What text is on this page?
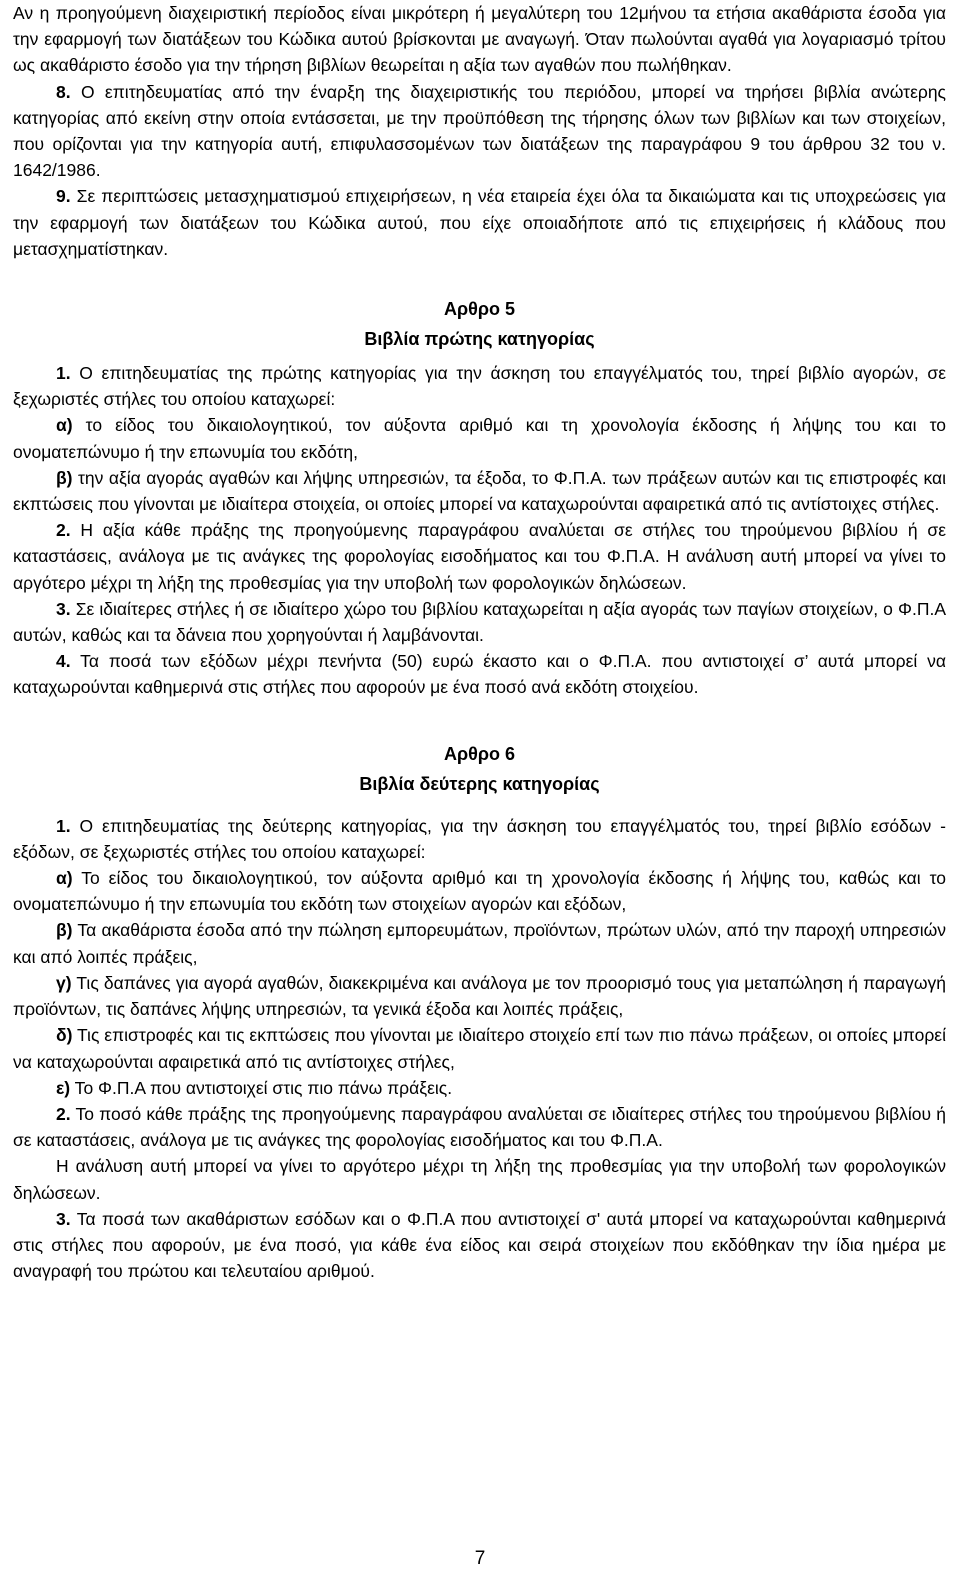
Αν η προηγούμενη διαχειριστική περίοδος είναι μικρότερη ή μεγαλύτερη του 12μήνου τα ετήσια ακαθάριστα έσοδα για την εφαρμογή των διατάξεων του Κώδικα αυτού βρίσκονται με αναγωγή. Όταν πωλούνται αγαθά για λογαριασμό τρίτου ως ακαθάριστο έσοδο για την τήρηση βιβλίων θεωρείται η αξία των αγαθών που πωλήθηκαν.

8. Ο επιτηδευματίας από την έναρξη της διαχειριστικής του περιόδου, μπορεί να τηρήσει βιβλία ανώτερης κατηγορίας από εκείνη στην οποία εντάσσεται, με την προϋπόθεση της τήρησης όλων των βιβλίων και των στοιχείων, που ορίζονται για την κατηγορία αυτή, επιφυλασσομένων των διατάξεων της παραγράφου 9 του άρθρου 32 του ν. 1642/1986.

9. Σε περιπτώσεις μετασχηματισμού επιχειρήσεων, η νέα εταιρεία έχει όλα τα δικαιώματα και τις υποχρεώσεις για την εφαρμογή των διατάξεων του Κώδικα αυτού, που είχε οποιαδήποτε από τις επιχειρήσεις ή κλάδους που μετασχηματίστηκαν.

Αρθρο 5

Βιβλία πρώτης κατηγορίας

1. Ο επιτηδευματίας της πρώτης κατηγορίας για την άσκηση του επαγγέλματός του, τηρεί βιβλίο αγορών, σε ξεχωριστές στήλες του οποίου καταχωρεί:

α) το είδος του δικαιολογητικού, τον αύξοντα αριθμό και τη χρονολογία έκδοσης ή λήψης του και το ονοματεπώνυμο ή την επωνυμία του εκδότη,

β) την αξία αγοράς αγαθών και λήψης υπηρεσιών, τα έξοδα, το Φ.Π.Α. των πράξεων αυτών και τις επιστροφές και εκπτώσεις που γίνονται με ιδιαίτερα στοιχεία, οι οποίες μπορεί να καταχωρούνται αφαιρετικά από τις αντίστοιχες στήλες.

2. Η αξία κάθε πράξης της προηγούμενης παραγράφου αναλύεται σε στήλες του τηρούμενου βιβλίου ή σε καταστάσεις, ανάλογα με τις ανάγκες της φορολογίας εισοδήματος και του Φ.Π.Α. Η ανάλυση αυτή μπορεί να γίνει το αργότερο μέχρι τη λήξη της προθεσμίας για την υποβολή των φορολογικών δηλώσεων.

3. Σε ιδιαίτερες στήλες ή σε ιδιαίτερο χώρο του βιβλίου καταχωρείται η αξία αγοράς των παγίων στοιχείων, ο Φ.Π.Α αυτών, καθώς και τα δάνεια που χορηγούνται ή λαμβάνονται.

4. Τα ποσά των εξόδων μέχρι πενήντα (50) ευρώ έκαστο και ο Φ.Π.Α. που αντιστοιχεί σ’ αυτά μπορεί να καταχωρούνται καθημερινά στις στήλες που αφορούν με ένα ποσό ανά εκδότη στοιχείου.

Αρθρο 6

Βιβλία δεύτερης κατηγορίας

1. Ο επιτηδευματίας της δεύτερης κατηγορίας, για την άσκηση του επαγγέλματός του, τηρεί βιβλίο εσόδων - εξόδων, σε ξεχωριστές στήλες του οποίου καταχωρεί:

α) Το είδος του δικαιολογητικού, τον αύξοντα αριθμό και τη χρονολογία έκδοσης ή λήψης του, καθώς και το ονοματεπώνυμο ή την επωνυμία του εκδότη των στοιχείων αγορών και εξόδων,

β) Τα ακαθάριστα έσοδα από την πώληση εμπορευμάτων, προϊόντων, πρώτων υλών, από την παροχή υπηρεσιών και από λοιπές πράξεις,

γ) Τις δαπάνες για αγορά αγαθών, διακεκριμένα και ανάλογα με τον προορισμό τους για μεταπώληση ή παραγωγή προϊόντων, τις δαπάνες λήψης υπηρεσιών, τα γενικά έξοδα και λοιπές πράξεις,

δ) Τις επιστροφές και τις εκπτώσεις που γίνονται με ιδιαίτερο στοιχείο επί των πιο πάνω πράξεων, οι οποίες μπορεί να καταχωρούνται αφαιρετικά από τις αντίστοιχες στήλες,

ε) Το Φ.Π.Α που αντιστοιχεί στις πιο πάνω πράξεις.

2. Το ποσό κάθε πράξης της προηγούμενης παραγράφου αναλύεται σε ιδιαίτερες στήλες του τηρούμενου βιβλίου ή σε καταστάσεις, ανάλογα με τις ανάγκες της φορολογίας εισοδήματος και του Φ.Π.Α.

Η ανάλυση αυτή μπορεί να γίνει το αργότερο μέχρι τη λήξη της προθεσμίας για την υποβολή των φορολογικών δηλώσεων.

3. Τα ποσά των ακαθάριστων εσόδων και ο Φ.Π.Α που αντιστοιχεί σ' αυτά μπορεί να καταχωρούνται καθημερινά στις στήλες που αφορούν, με ένα ποσό, για κάθε ένα είδος και σειρά στοιχείων που εκδόθηκαν την ίδια ημέρα με αναγραφή του πρώτου και τελευταίου αριθμού.

7
